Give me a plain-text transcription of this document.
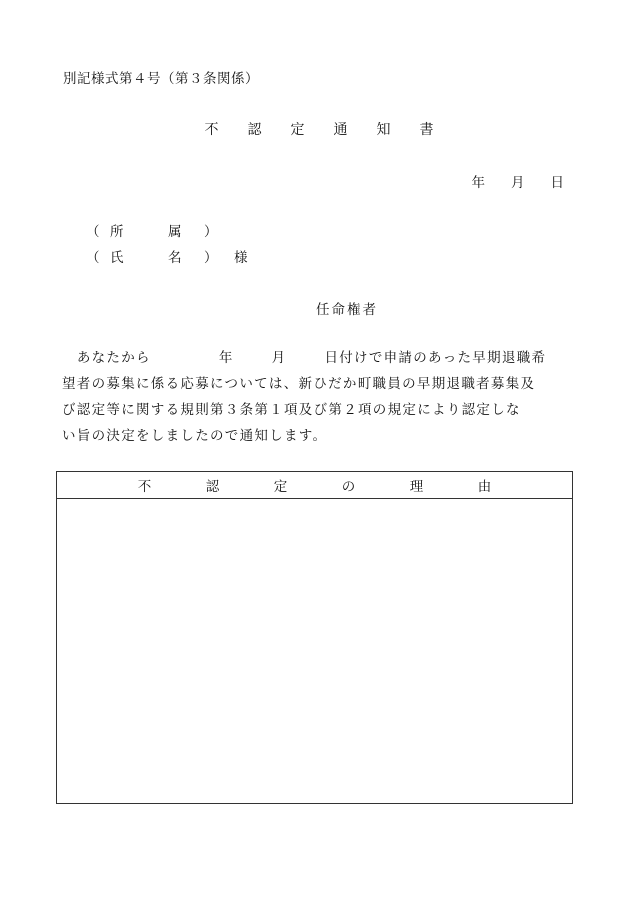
別記様式第４号（第３条関係）
不	認	定	通	知	書
年 月 日
（ 所	属	）
（ 氏	名	）	様
任命権者
　あなたから	年	月	日付けで申請のあった早期退職希
望者の募集に係る応募については、新ひだか町職員の早期退職者募集及
び認定等に関する規則第３条第１項及び第２項の規定により認定しな
い旨の決定をしましたので通知します。
不	認	定	の	理	由
